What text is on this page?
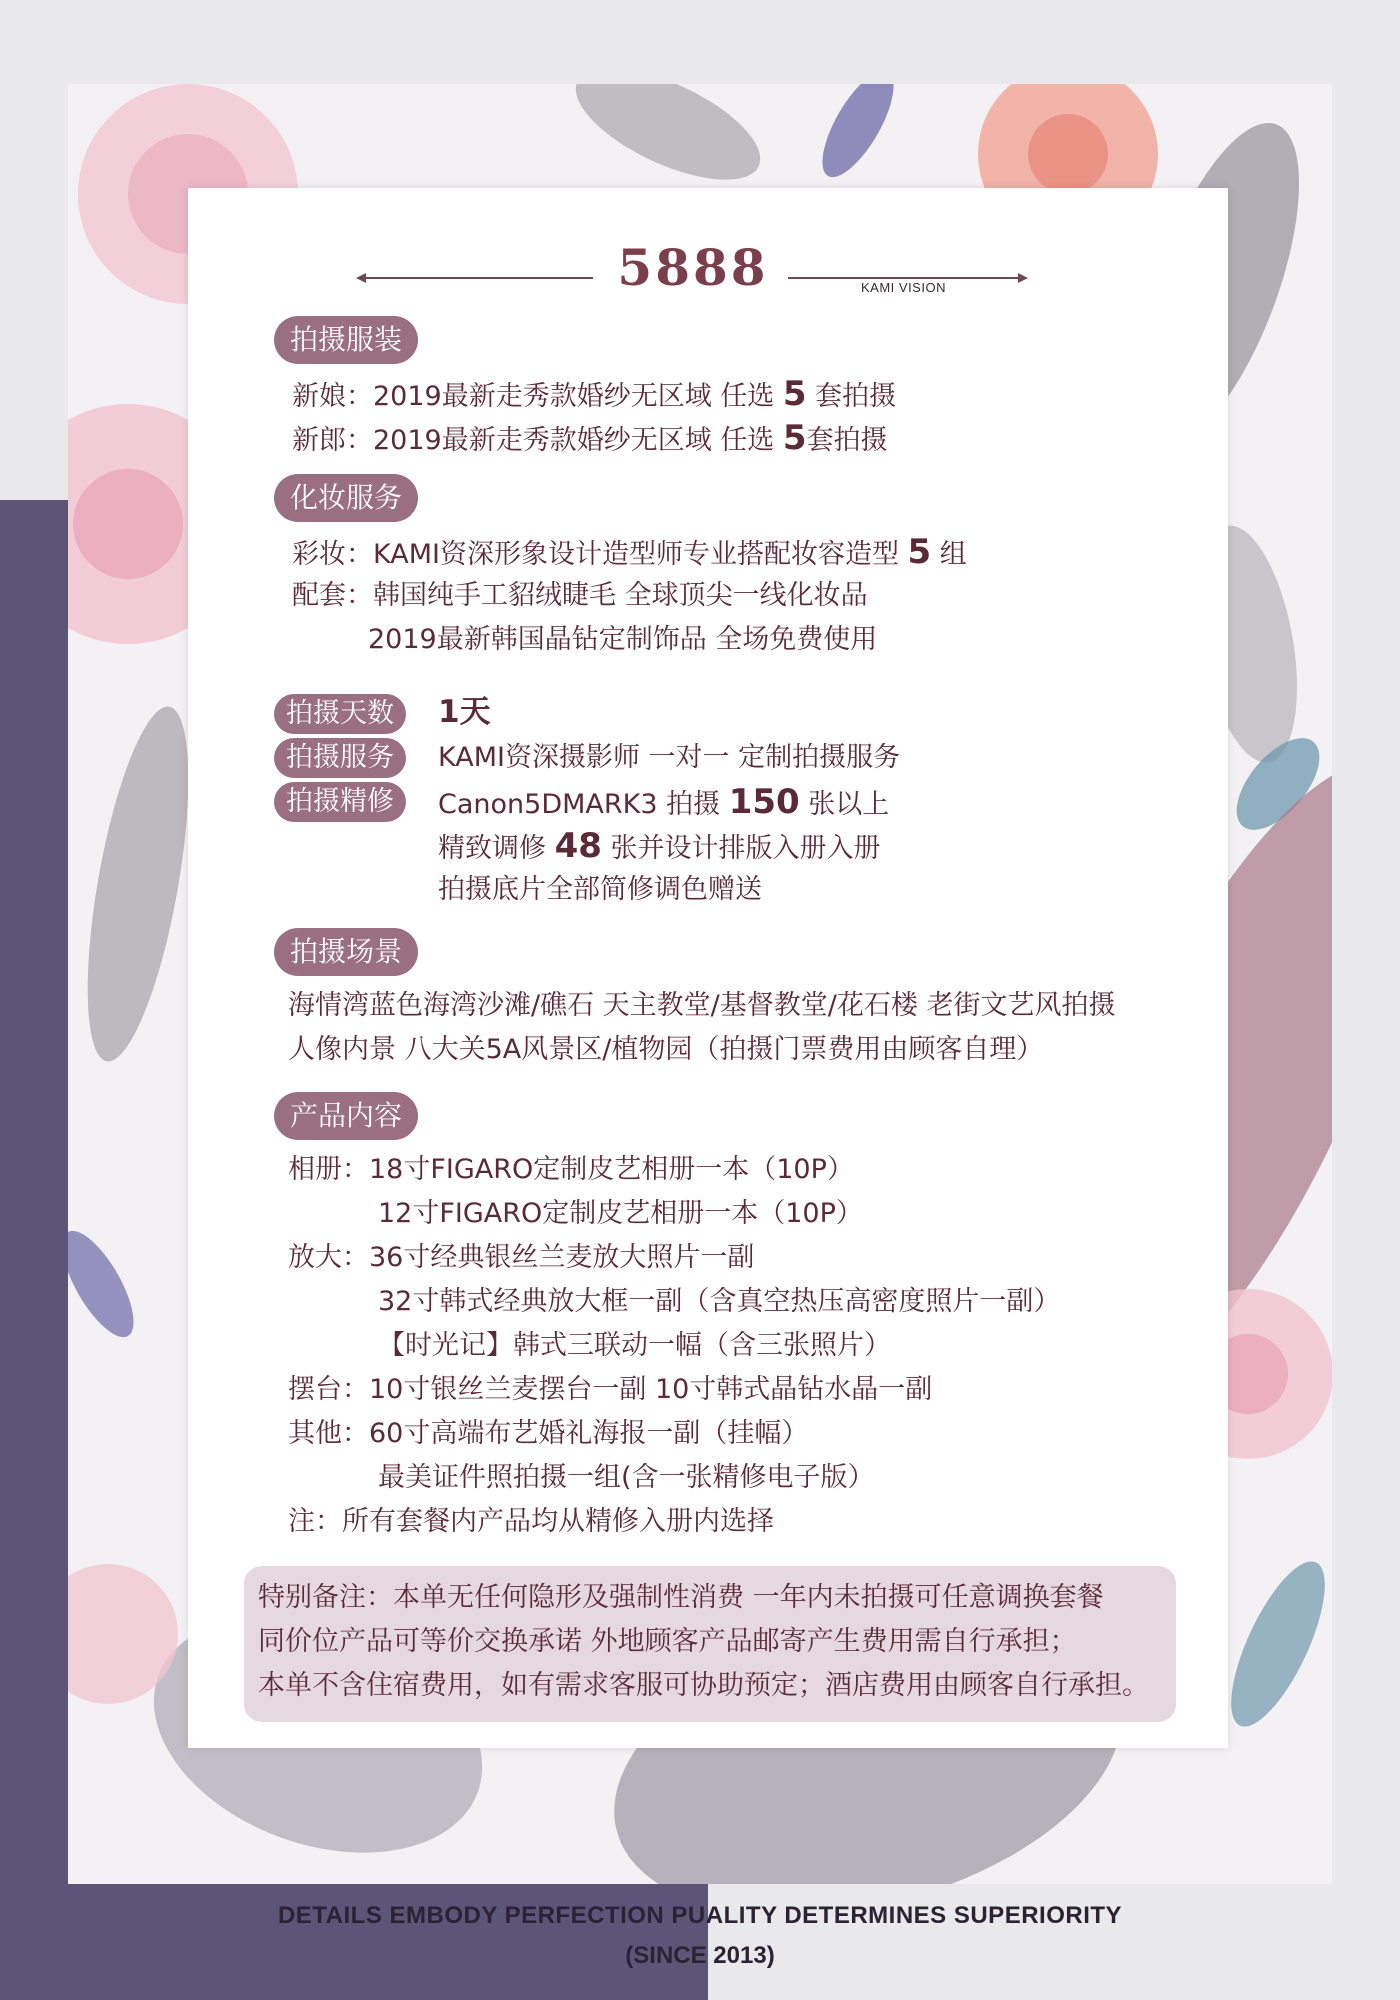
5888	KAMI VISION
拍摄服装
新娘：2019最新走秀款婚纱无区域 任选 5 套拍摄
新郎：2019最新走秀款婚纱无区域 任选 5套拍摄
化妆服务
彩妆：KAMI资深形象设计造型师专业搭配妆容造型 5 组
配套：韩国纯手工貂绒睫毛 全球顶尖一线化妆品
2019最新韩国晶钻定制饰品 全场免费使用
拍摄天数	1天
拍摄服务	KAMI资深摄影师 一对一 定制拍摄服务
拍摄精修	Canon5DMARK3 拍摄 150 张以上
精致调修 48 张并设计排版入册入册
拍摄底片全部简修调色赠送
拍摄场景
海情湾蓝色海湾沙滩/礁石 天主教堂/基督教堂/花石楼 老街文艺风拍摄
人像内景 八大关5A风景区/植物园（拍摄门票费用由顾客自理）
产品内容
相册：18寸FIGARO定制皮艺相册一本（10P）
12寸FIGARO定制皮艺相册一本（10P）
放大：36寸经典银丝兰麦放大照片一副
32寸韩式经典放大框一副（含真空热压高密度照片一副）
【时光记】韩式三联动一幅（含三张照片）
摆台：10寸银丝兰麦摆台一副 10寸韩式晶钻水晶一副
其他：60寸高端布艺婚礼海报一副（挂幅）
最美证件照拍摄一组(含一张精修电子版）
注：所有套餐内产品均从精修入册内选择
特别备注：本单无任何隐形及强制性消费 一年内未拍摄可任意调换套餐
同价位产品可等价交换承诺 外地顾客产品邮寄产生费用需自行承担；
本单不含住宿费用，如有需求客服可协助预定；酒店费用由顾客自行承担。
DETAILS EMBODY PERFECTION PUALITY DETERMINES SUPERIORITY
(SINCE 2013)
